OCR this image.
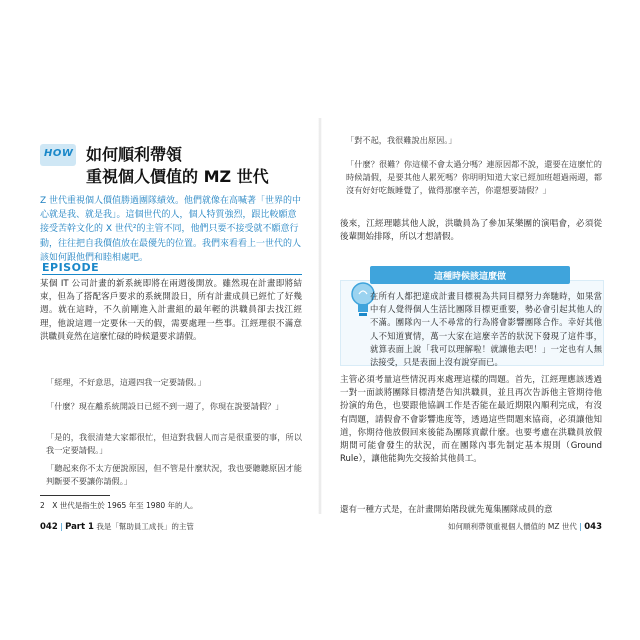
HOW 如何順利帶領
重視個人價值的 MZ 世代
Z 世代重視個人價值勝過團隊績效。他們就像在高喊著「世界的中心就是我、就是我」。這個世代的人，個人特質強烈，跟比較願意接受苦幹文化的 X 世代²的主管不同，他們只要不接受就不願意行動，往往把自我價值放在最優先的位置。我們來看看上一世代的人該如何跟他們和睦相處吧。
EPISODE
某個 IT 公司計畫的新系統即將在兩週後開放。雖然現在計畫即將結束，但為了搭配客戶要求的系統開設日，所有計畫成員已經忙了好幾週。就在這時，不久前剛進入計畫組的最年輕的洪職員卻去找江經理，他說這週一定要休一天的假，需要處理一些事。江經理很不滿意洪職員竟然在這麼忙碌的時候還要求請假。
「經理，不好意思，這週四我一定要請假。」
「什麼？現在離系統開設日已經不到一週了，你現在說要請假？」
「是的，我很清楚大家都很忙，但這對我個人而言是很重要的事，所以我一定要請假。」
「聽起來你不太方便說原因，但不管是什麼狀況，我也要聽聽原因才能判斷要不要讓你請假。」
2　X 世代是指生於 1965 年至 1980 年的人。
042 | Part 1 我是「幫助員工成長」的主管
「對不起，我很難說出原因。」
「什麼？很難？你這樣不會太過分嗎？連原因都不說，還要在這麼忙的時候請假，是要其他人累死嗎？你明明知道大家已經加班超過兩週，都沒有好好吃飯睡覺了，做得那麼辛苦，你還想要請假？」
後來，江經理聽其他人說，洪職員為了參加某樂團的演唱會，必須從後輩開始排隊，所以才想請假。
這種時候該這麼做
在所有人都把達成計畫目標視為共同目標努力奔馳時，如果當中有人覺得個人生活比團隊目標更重要，勢必會引起其他人的不滿。團隊內一人不尋常的行為將會影響團隊合作。幸好其他人不知道實情，萬一大家在這麼辛苦的狀況下發現了這件事，就算表面上說「我可以理解啦！就讓他去吧！」一定也有人無法接受，只是表面上沒有說穿而已。
主管必須考量這些情況再來處理這樣的問題。首先，江經理應該透過一對一面談將團隊目標清楚告知洪職員，並且再次告訴他主管期待他扮演的角色，也要跟他協調工作是否能在最近期限內順利完成，有沒有問題，請假會不會影響進度等，透過這些問題來協商，必須讓他知道，你期待他放假回來後能為團隊貢獻什麼。也要考慮在洪職員放假期間可能會發生的狀況，而在團隊內事先制定基本規則（Ground Rule），讓他能夠先交接給其他員工。
還有一種方式是，在計畫開始階段就先蒐集團隊成員的意
如何順利帶領重視個人價值的 MZ 世代 | 043
